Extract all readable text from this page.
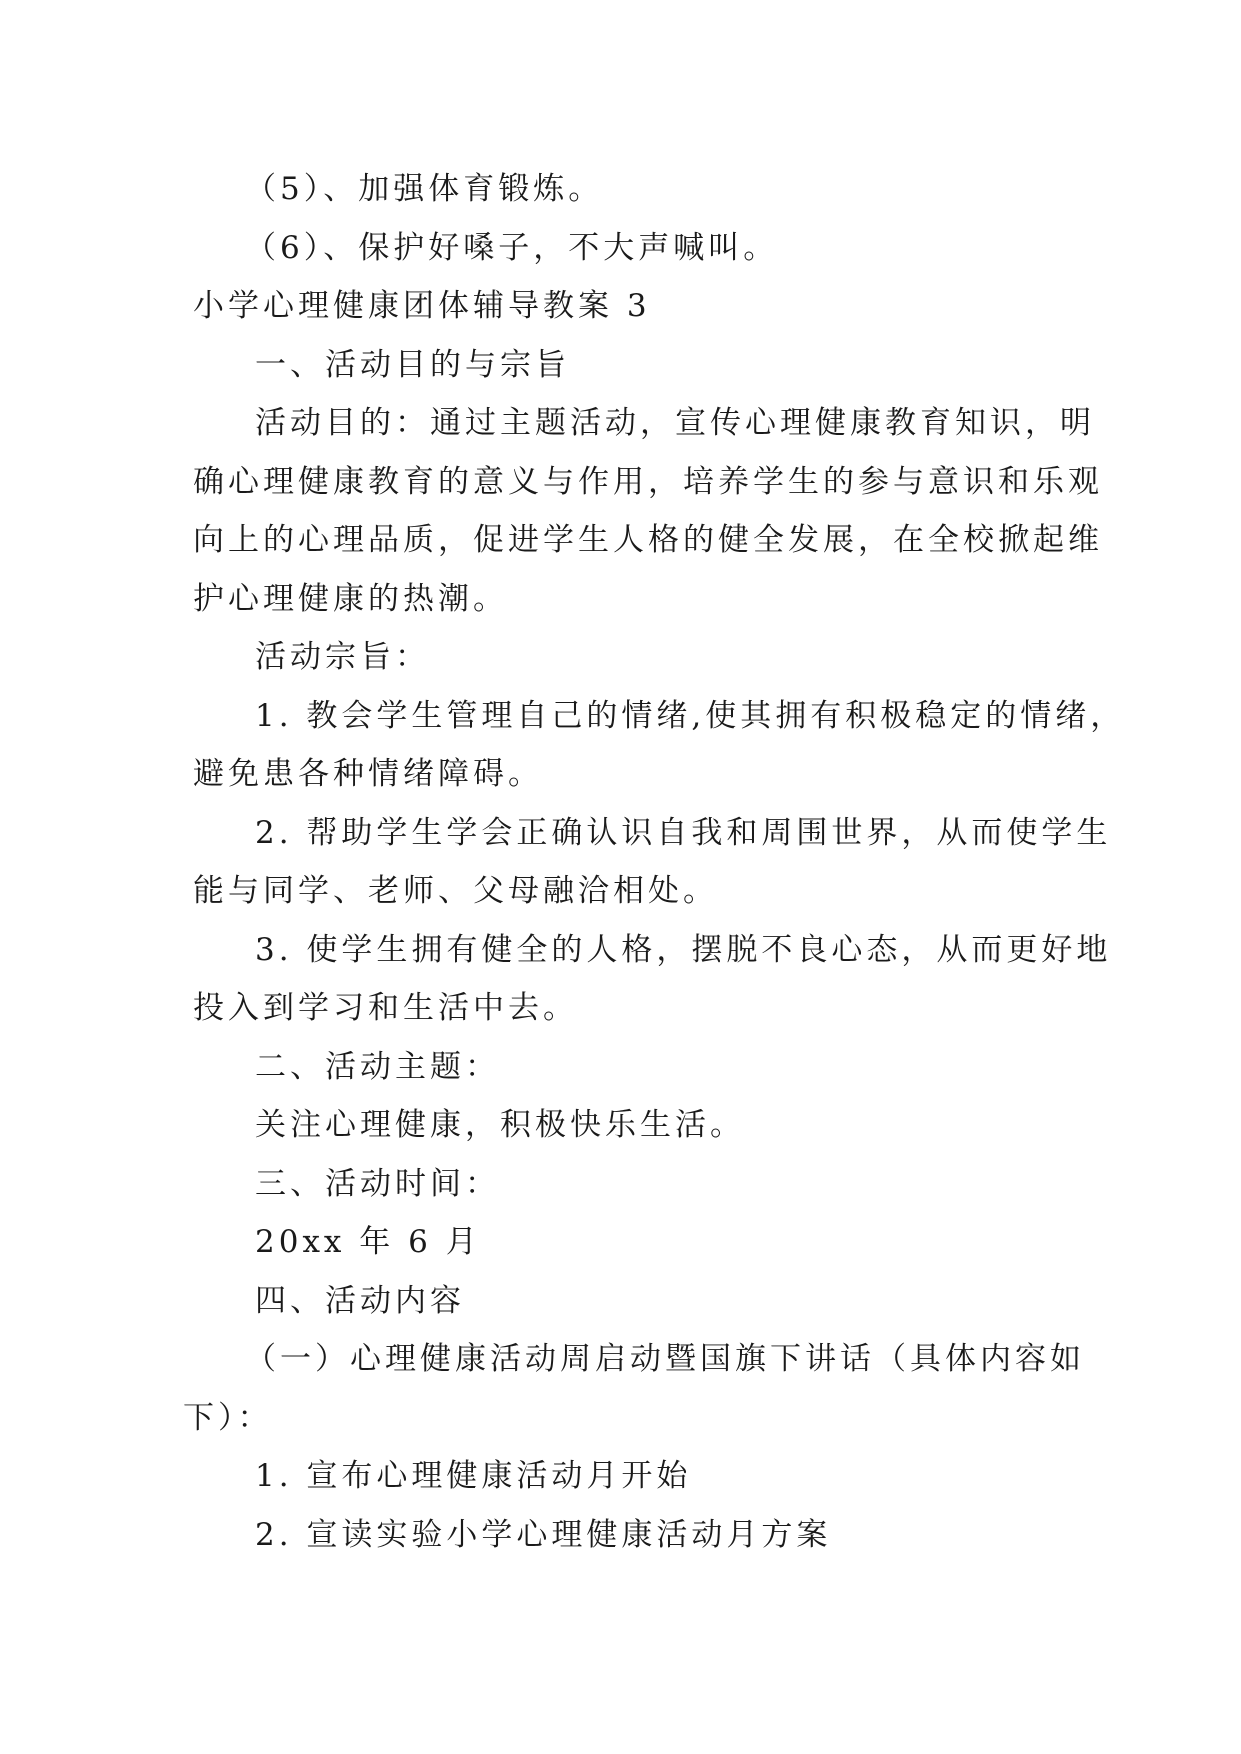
（5）、加强体育锻炼。
（6）、保护好嗓子，不大声喊叫。
小学心理健康团体辅导教案 3
一、活动目的与宗旨
活动目的：通过主题活动，宣传心理健康教育知识，明
确心理健康教育的意义与作用，培养学生的参与意识和乐观
向上的心理品质，促进学生人格的健全发展，在全校掀起维
护心理健康的热潮。
活动宗旨：
1. 教会学生管理自己的情绪,使其拥有积极稳定的情绪，
避免患各种情绪障碍。
2. 帮助学生学会正确认识自我和周围世界，从而使学生
能与同学、老师、父母融洽相处。
3. 使学生拥有健全的人格，摆脱不良心态，从而更好地
投入到学习和生活中去。
二、活动主题：
关注心理健康，积极快乐生活。
三、活动时间：
20xx 年 6 月
四、活动内容
（一）心理健康活动周启动暨国旗下讲话（具体内容如
下）：
1. 宣布心理健康活动月开始
2. 宣读实验小学心理健康活动月方案
